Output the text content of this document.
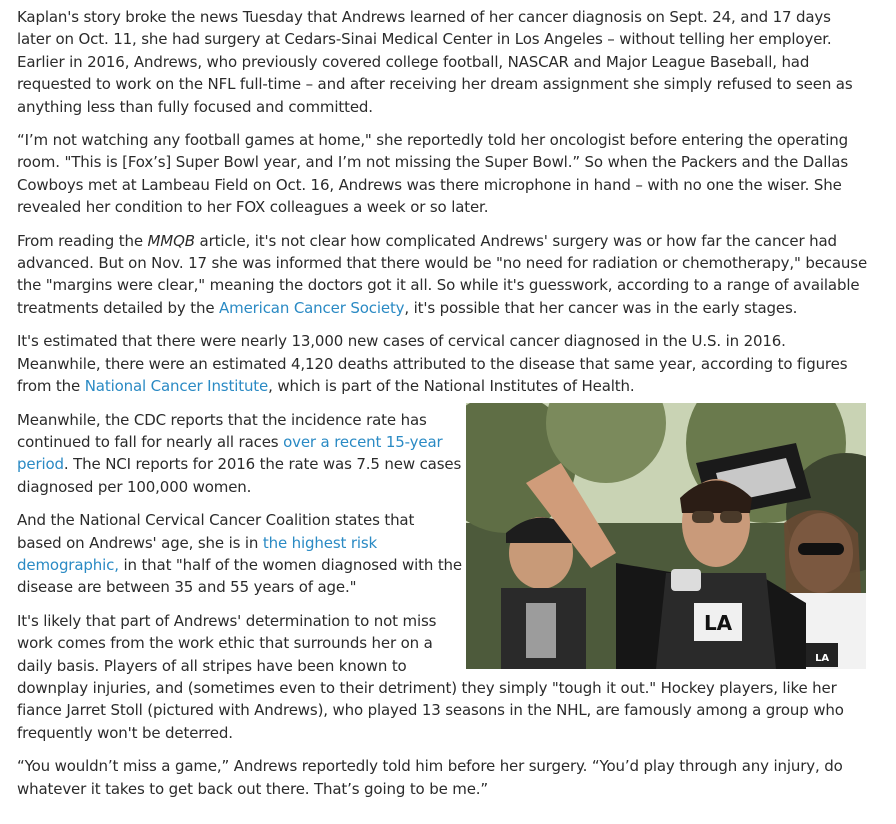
Kaplan's story broke the news Tuesday that Andrews learned of her cancer diagnosis on Sept. 24, and 17 days later on Oct. 11, she had surgery at Cedars-Sinai Medical Center in Los Angeles – without telling her employer. Earlier in 2016, Andrews, who previously covered college football, NASCAR and Major League Baseball, had requested to work on the NFL full-time – and after receiving her dream assignment she simply refused to seen as anything less than fully focused and committed.

“I’m not watching any football games at home," she reportedly told her oncologist before entering the operating room. "This is [Fox’s] Super Bowl year, and I’m not missing the Super Bowl.” So when the Packers and the Dallas Cowboys met at Lambeau Field on Oct. 16, Andrews was there microphone in hand – with no one the wiser. She revealed her condition to her FOX colleagues a week or so later.

From reading the MMQB article, it's not clear how complicated Andrews' surgery was or how far the cancer had advanced. But on Nov. 17 she was informed that there would be "no need for radiation or chemotherapy," because the "margins were clear," meaning the doctors got it all. So while it's guesswork, according to a range of available treatments detailed by the American Cancer Society, it's possible that her cancer was in the early stages.

It's estimated that there were nearly 13,000 new cases of cervical cancer diagnosed in the U.S. in 2016. Meanwhile, there were an estimated 4,120 deaths attributed to the disease that same year, according to figures from the National Cancer Institute, which is part of the National Institutes of Health.

LA
LA

Meanwhile, the CDC reports that the incidence rate has continued to fall for nearly all races over a recent 15-year period. The NCI reports for 2016 the rate was 7.5 new cases diagnosed per 100,000 women.

And the National Cervical Cancer Coalition states that based on Andrews' age, she is in the highest risk demographic, in that "half of the women diagnosed with the disease are between 35 and 55 years of age."

It's likely that part of Andrews' determination to not miss work comes from the work ethic that surrounds her on a daily basis. Players of all stripes have been known to downplay injuries, and (sometimes even to their detriment) they simply "tough it out." Hockey players, like her fiance Jarret Stoll (pictured with Andrews), who played 13 seasons in the NHL, are famously among a group who frequently won't be deterred.

“You wouldn’t miss a game,” Andrews reportedly told him before her surgery. “You’d play through any injury, do whatever it takes to get back out there. That’s going to be me.”
